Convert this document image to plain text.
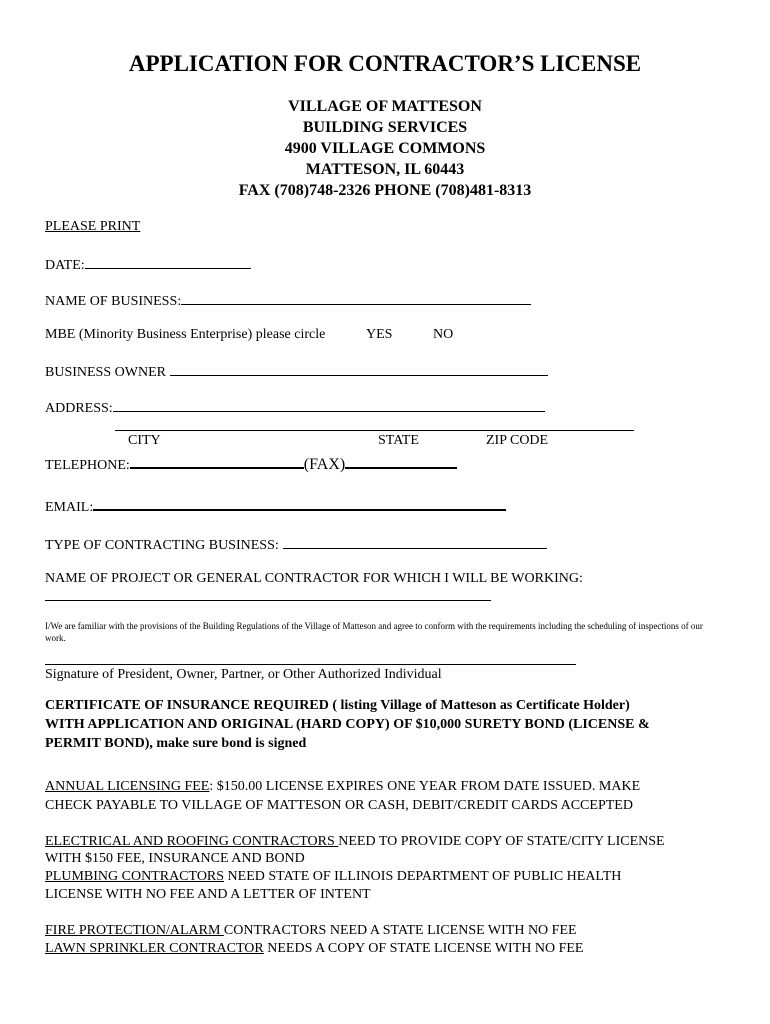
APPLICATION FOR CONTRACTOR’S LICENSE
VILLAGE OF MATTESON
BUILDING SERVICES
4900 VILLAGE COMMONS
MATTESON, IL 60443
FAX (708)748-2326 PHONE (708)481-8313
PLEASE PRINT
DATE:
NAME OF BUSINESS:
MBE (Minority Business Enterprise) please circle	YES	NO
BUSINESS OWNER
ADDRESS:
CITY	STATE	ZIP CODE
TELEPHONE:	(FAX)
EMAIL:
TYPE OF CONTRACTING BUSINESS:
NAME OF PROJECT OR GENERAL CONTRACTOR FOR WHICH I WILL BE WORKING:
I/We are familiar with the provisions of the Building Regulations of the Village of Matteson and agree to conform with the requirements including the scheduling of inspections of our work.
Signature of President, Owner, Partner, or Other Authorized Individual
CERTIFICATE OF INSURANCE REQUIRED ( listing Village of Matteson as Certificate Holder)
WITH APPLICATION AND ORIGINAL (HARD COPY) OF $10,000 SURETY BOND (LICENSE &
PERMIT BOND), make sure bond is signed
ANNUAL LICENSING FEE: $150.00 LICENSE EXPIRES ONE YEAR FROM DATE ISSUED. MAKE
CHECK PAYABLE TO VILLAGE OF MATTESON OR CASH, DEBIT/CREDIT CARDS ACCEPTED
ELECTRICAL AND ROOFING CONTRACTORS NEED TO PROVIDE COPY OF STATE/CITY LICENSE
WITH $150 FEE, INSURANCE AND BOND
PLUMBING CONTRACTORS NEED STATE OF ILLINOIS DEPARTMENT OF PUBLIC HEALTH
LICENSE WITH NO FEE AND A LETTER OF INTENT
FIRE PROTECTION/ALARM CONTRACTORS NEED A STATE LICENSE WITH NO FEE
LAWN SPRINKLER CONTRACTOR NEEDS A COPY OF STATE LICENSE WITH NO FEE
